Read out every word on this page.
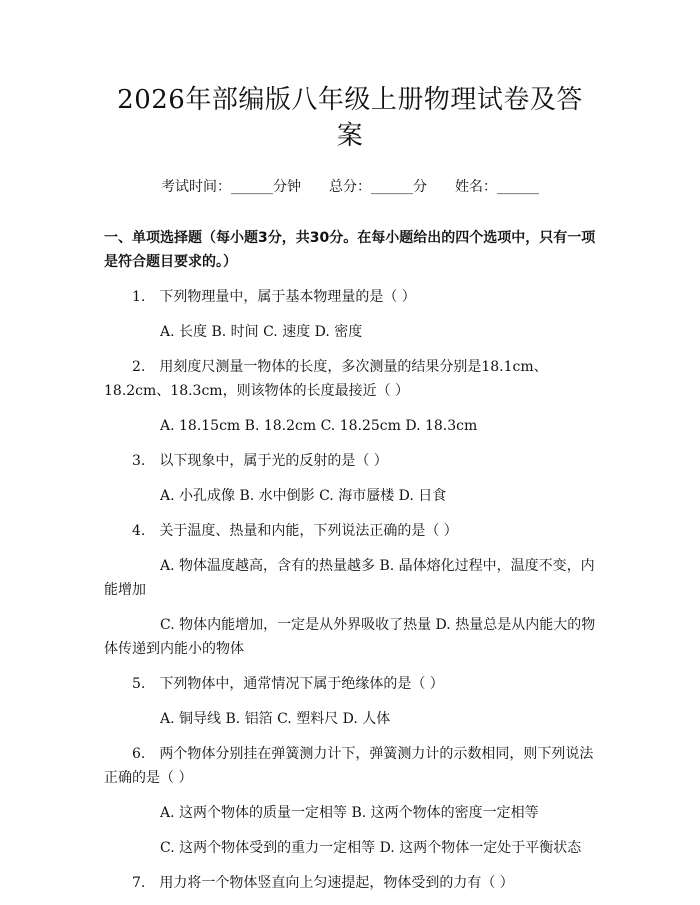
2026年部编版八年级上册物理试卷及答案
考试时间：______分钟 总分：______分 姓名：______
一、单项选择题（每小题3分，共30分。在每小题给出的四个选项中，只有一项是符合题目要求的。）
1. 下列物理量中，属于基本物理量的是（ ）
A. 长度 B. 时间 C. 速度 D. 密度
2. 用刻度尺测量一物体的长度，多次测量的结果分别是18.1cm、18.2cm、18.3cm，则该物体的长度最接近（ ）
A. 18.15cm B. 18.2cm C. 18.25cm D. 18.3cm
3. 以下现象中，属于光的反射的是（ ）
A. 小孔成像 B. 水中倒影 C. 海市蜃楼 D. 日食
4. 关于温度、热量和内能，下列说法正确的是（ ）
A. 物体温度越高，含有的热量越多 B. 晶体熔化过程中，温度不变，内能增加
C. 物体内能增加，一定是从外界吸收了热量 D. 热量总是从内能大的物体传递到内能小的物体
5. 下列物体中，通常情况下属于绝缘体的是（ ）
A. 铜导线 B. 铝箔 C. 塑料尺 D. 人体
6. 两个物体分别挂在弹簧测力计下，弹簧测力计的示数相同，则下列说法正确的是（ ）
A. 这两个物体的质量一定相等 B. 这两个物体的密度一定相等
C. 这两个物体受到的重力一定相等 D. 这两个物体一定处于平衡状态
7. 用力将一个物体竖直向上匀速提起，物体受到的力有（ ）
